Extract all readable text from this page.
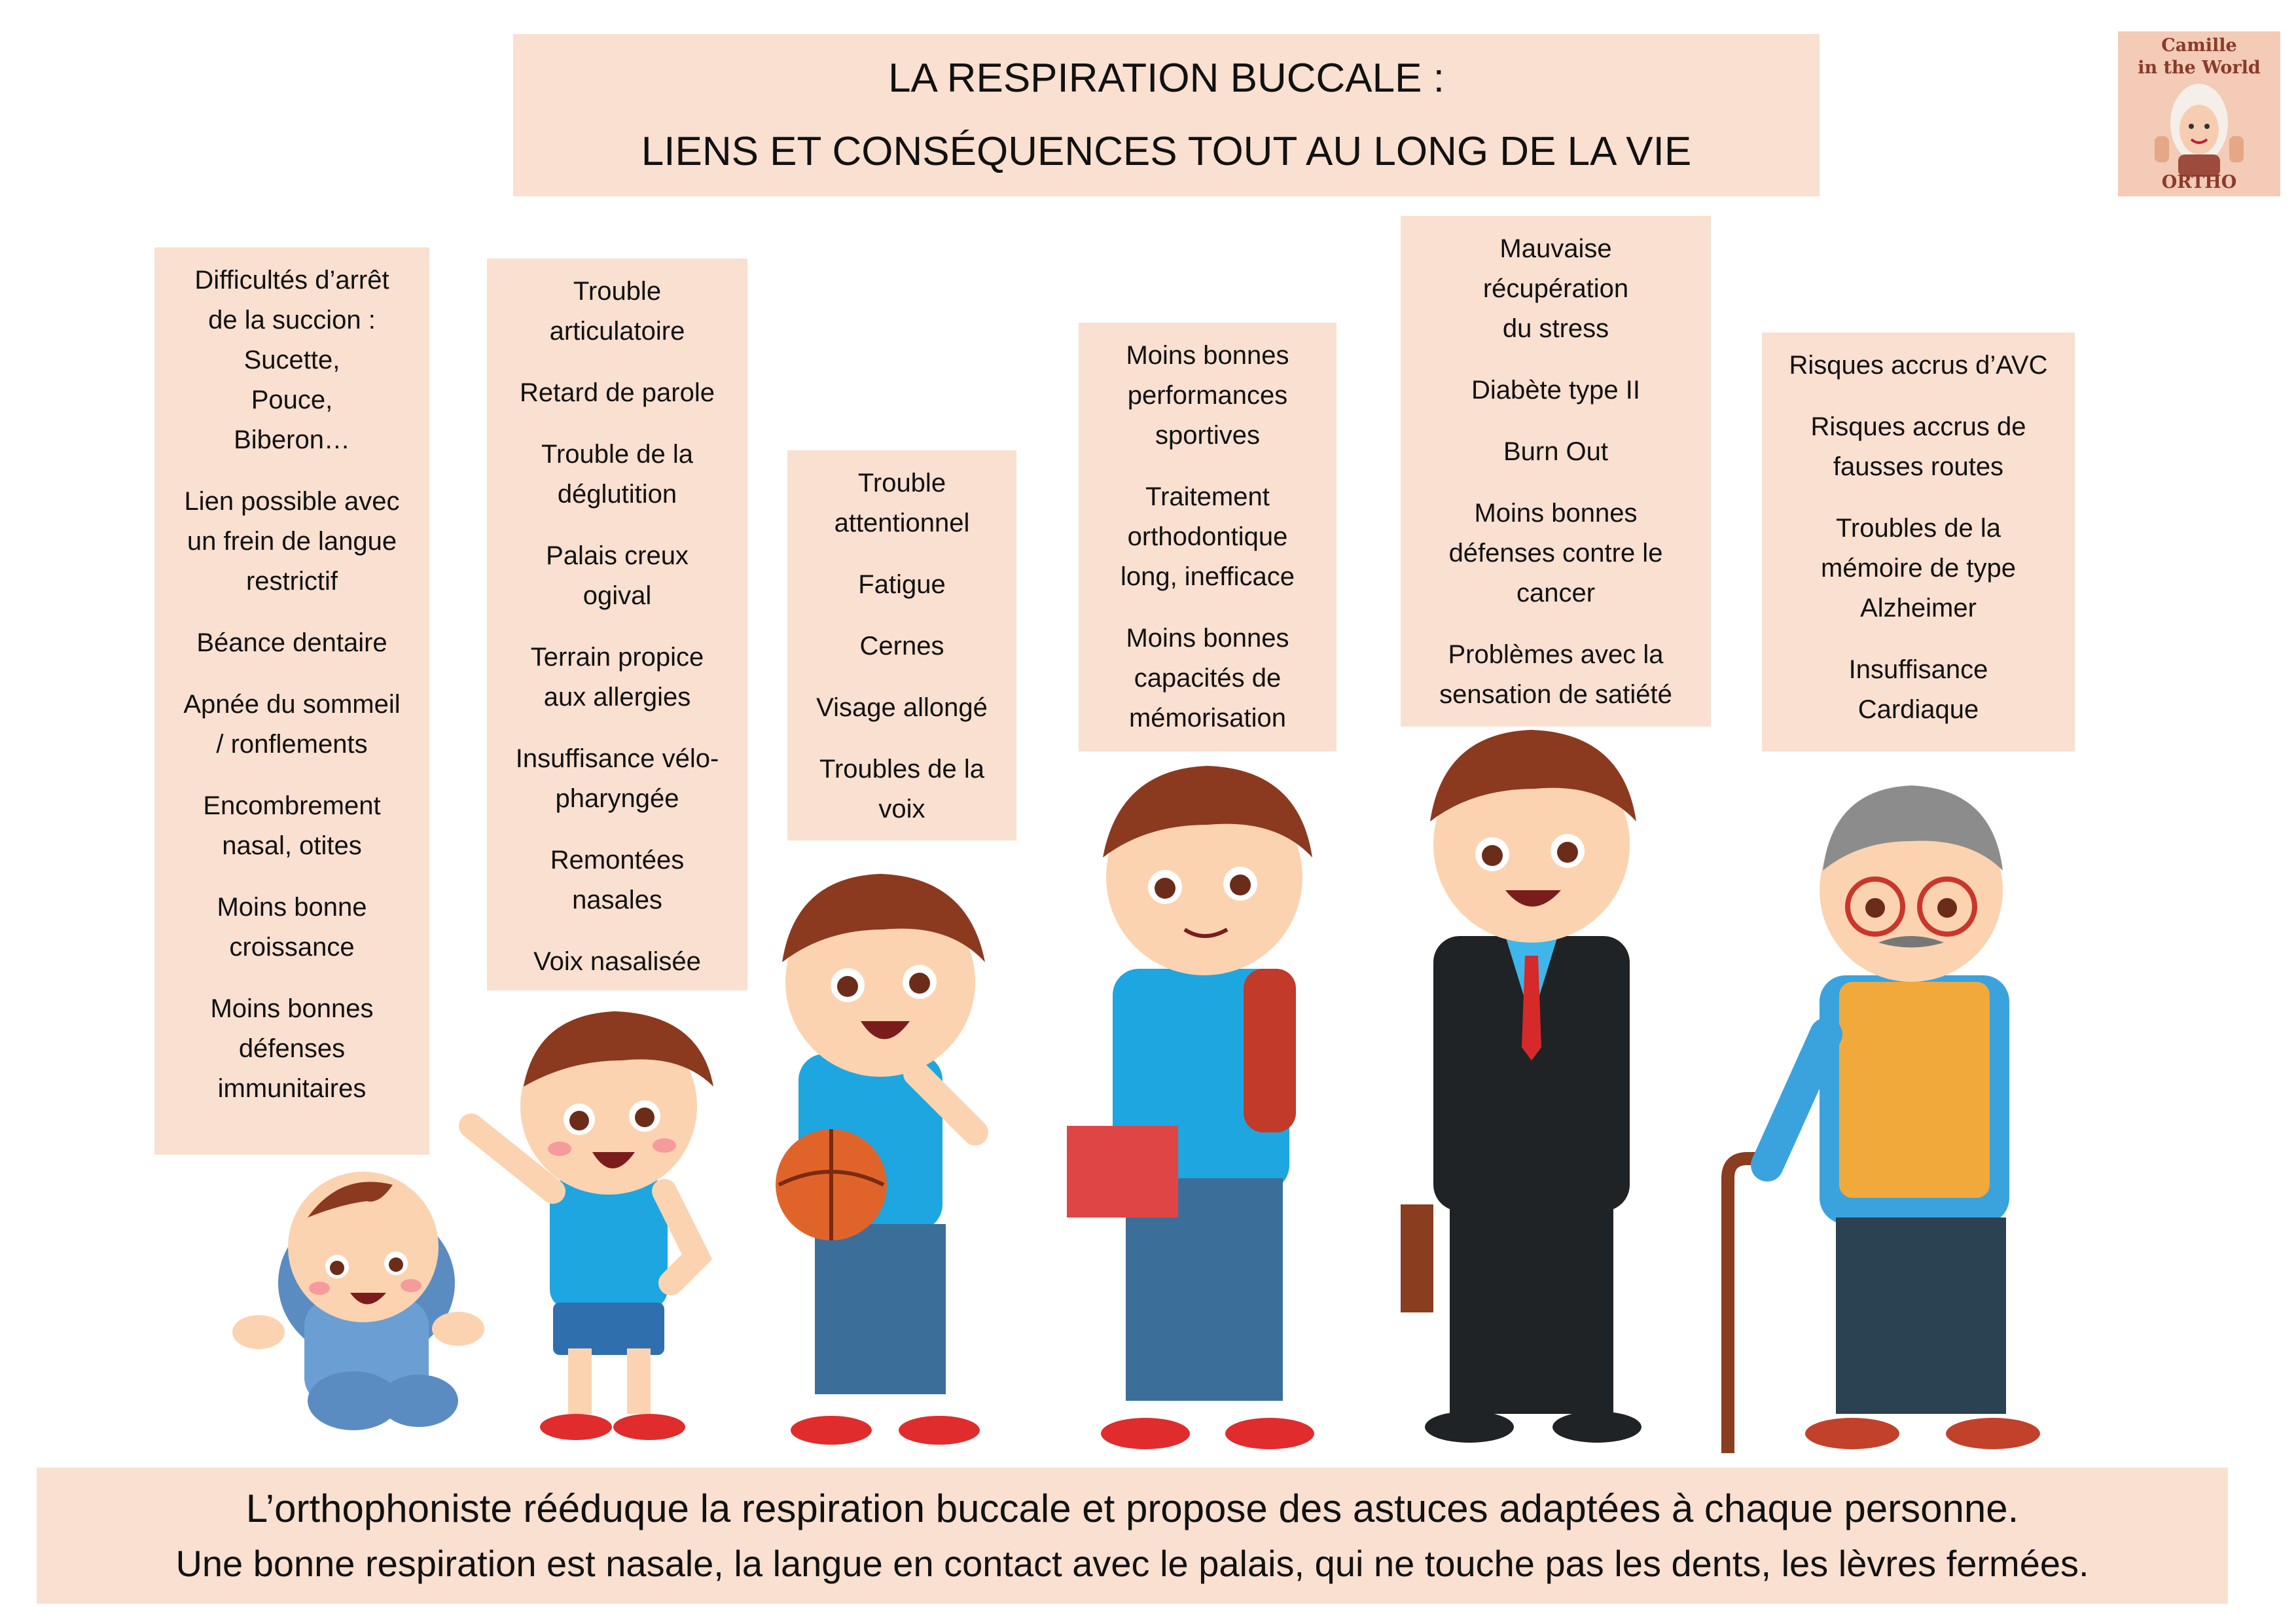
LA RESPIRATION BUCCALE :
LIENS ET CONSÉQUENCES TOUT AU LONG DE LA VIE
Camille
in the World
ORTHO
Difficultés d’arrêt
de la succion :
Sucette,
Pouce,
Biberon…
Lien possible avec
un frein de langue
restrictif
Béance dentaire
Apnée du sommeil
/ ronflements
Encombrement
nasal, otites
Moins bonne
croissance
Moins bonnes
défenses
immunitaires
Trouble
articulatoire
Retard de parole
Trouble de la
déglutition
Palais creux
ogival
Terrain propice
aux allergies
Insuffisance vélo-
pharyngée
Remontées
nasales
Voix nasalisée
Trouble
attentionnel
Fatigue
Cernes
Visage allongé
Troubles de la
voix
Moins bonnes
performances
sportives
Traitement
orthodontique
long, inefficace
Moins bonnes
capacités de
mémorisation
Mauvaise
récupération
du stress
Diabète type II
Burn Out
Moins bonnes
défenses contre le
cancer
Problèmes avec la
sensation de satiété
Risques accrus d’AVC
Risques accrus de
fausses routes
Troubles de la
mémoire de type
Alzheimer
Insuffisance
Cardiaque
L’orthophoniste rééduque la respiration buccale et propose des astuces adaptées à chaque personne.
Une bonne respiration est nasale, la langue en contact avec le palais, qui ne touche pas les dents, les lèvres fermées.
